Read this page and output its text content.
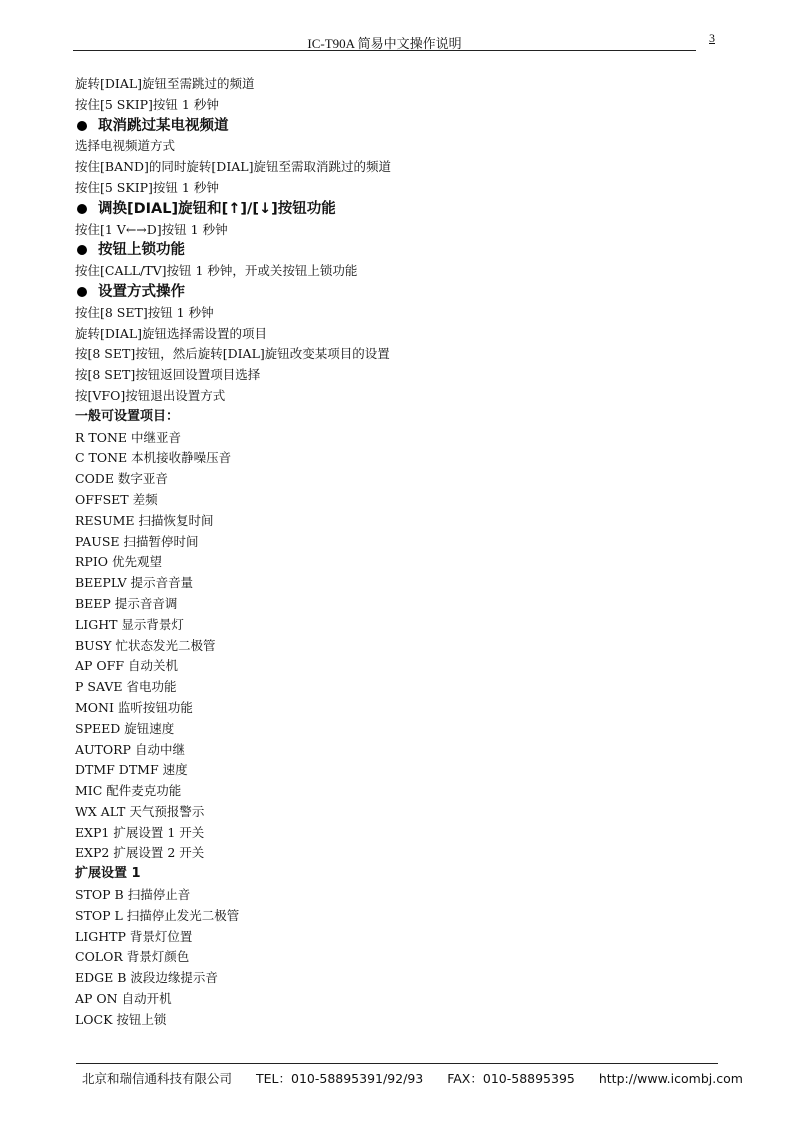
IC-T90A 简易中文操作说明	3
旋转[DIAL]旋钮至需跳过的频道
按住[5 SKIP]按钮 1 秒钟
取消跳过某电视频道
选择电视频道方式
按住[BAND]的同时旋转[DIAL]旋钮至需取消跳过的频道
按住[5 SKIP]按钮 1 秒钟
调换[DIAL]旋钮和[↑]/[↓]按钮功能
按住[1 V←→D]按钮 1 秒钟
按钮上锁功能
按住[CALL/TV]按钮 1 秒钟，开或关按钮上锁功能
设置方式操作
按住[8 SET]按钮 1 秒钟
旋转[DIAL]旋钮选择需设置的项目
按[8 SET]按钮，然后旋转[DIAL]旋钮改变某项目的设置
按[8 SET]按钮返回设置项目选择
按[VFO]按钮退出设置方式
一般可设置项目：
R TONE 中继亚音
C TONE 本机接收静噪压音
CODE 数字亚音
OFFSET 差频
RESUME 扫描恢复时间
PAUSE 扫描暂停时间
RPIO 优先观望
BEEPLV 提示音音量
BEEP 提示音音调
LIGHT 显示背景灯
BUSY 忙状态发光二极管
AP OFF 自动关机
P SAVE 省电功能
MONI 监听按钮功能
SPEED 旋钮速度
AUTORP 自动中继
DTMF DTMF 速度
MIC 配件麦克功能
WX ALT 天气预报警示
EXP1 扩展设置 1 开关
EXP2 扩展设置 2 开关
扩展设置 1
STOP B 扫描停止音
STOP L 扫描停止发光二极管
LIGHTP 背景灯位置
COLOR 背景灯颜色
EDGE B 波段边缘提示音
AP ON 自动开机
LOCK 按钮上锁
北京和瑞信通科技有限公司 TEL：010-58895391/92/93 FAX：010-58895395 http://www.icombj.com
